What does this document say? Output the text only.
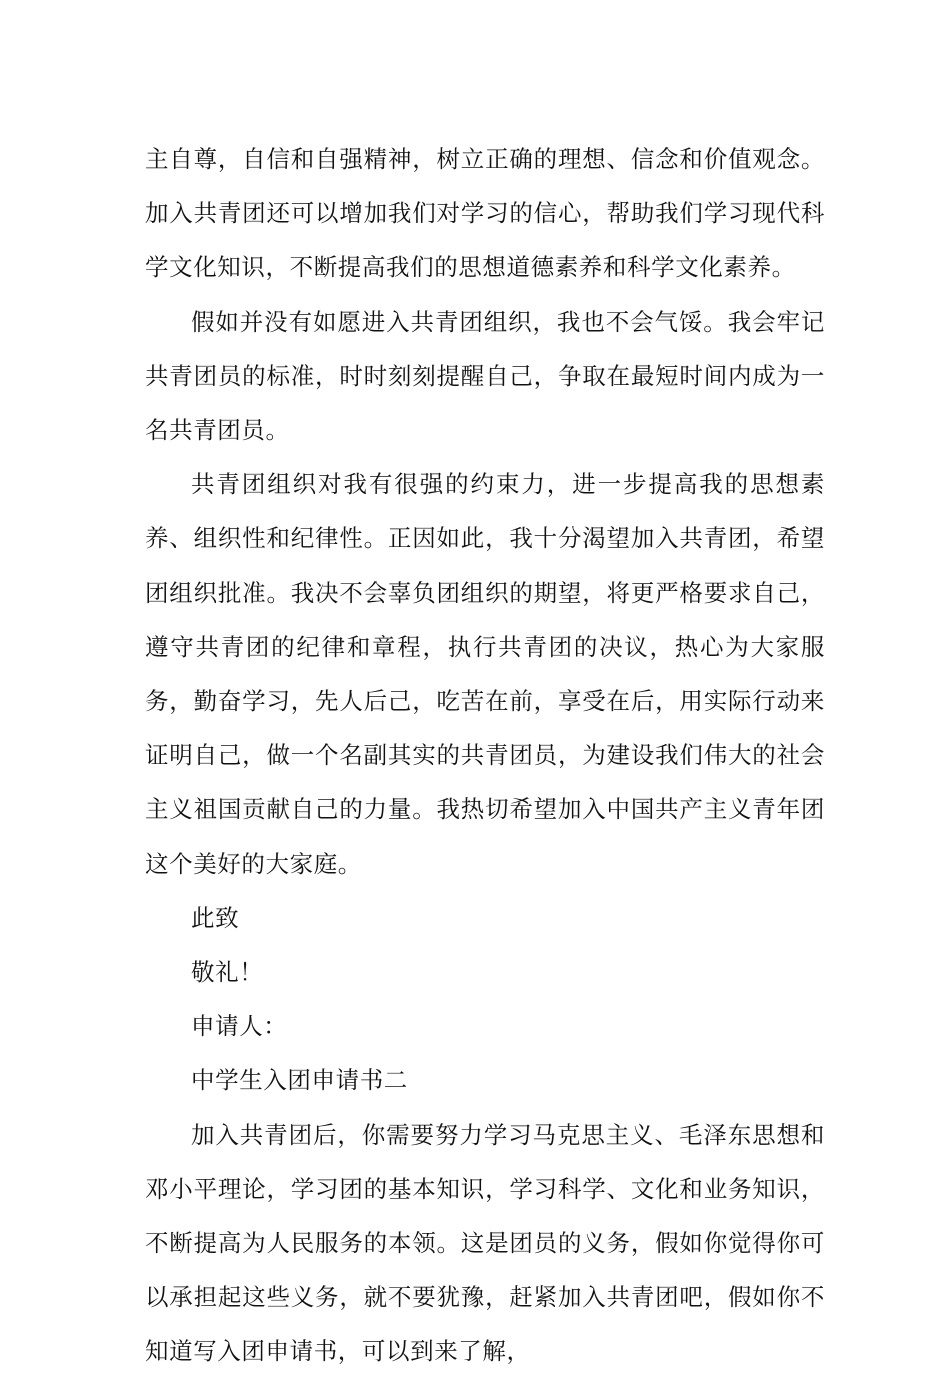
主自尊，自信和自强精神，树立正确的理想、信念和价值观念。加入共青团还可以增加我们对学习的信心，帮助我们学习现代科学文化知识，不断提高我们的思想道德素养和科学文化素养。

假如并没有如愿进入共青团组织，我也不会气馁。我会牢记共青团员的标准，时时刻刻提醒自己，争取在最短时间内成为一名共青团员。

共青团组织对我有很强的约束力，进一步提高我的思想素养、组织性和纪律性。正因如此，我十分渴望加入共青团，希望团组织批准。我决不会辜负团组织的期望，将更严格要求自己，遵守共青团的纪律和章程，执行共青团的决议，热心为大家服务，勤奋学习，先人后己，吃苦在前，享受在后，用实际行动来证明自己，做一个名副其实的共青团员，为建设我们伟大的社会主义祖国贡献自己的力量。我热切希望加入中国共产主义青年团这个美好的大家庭。

此致

敬礼！

申请人：

中学生入团申请书二

加入共青团后，你需要努力学习马克思主义、毛泽东思想和邓小平理论，学习团的基本知识，学习科学、文化和业务知识，不断提高为人民服务的本领。这是团员的义务，假如你觉得你可以承担起这些义务，就不要犹豫，赶紧加入共青团吧，假如你不知道写入团申请书，可以到来了解，
